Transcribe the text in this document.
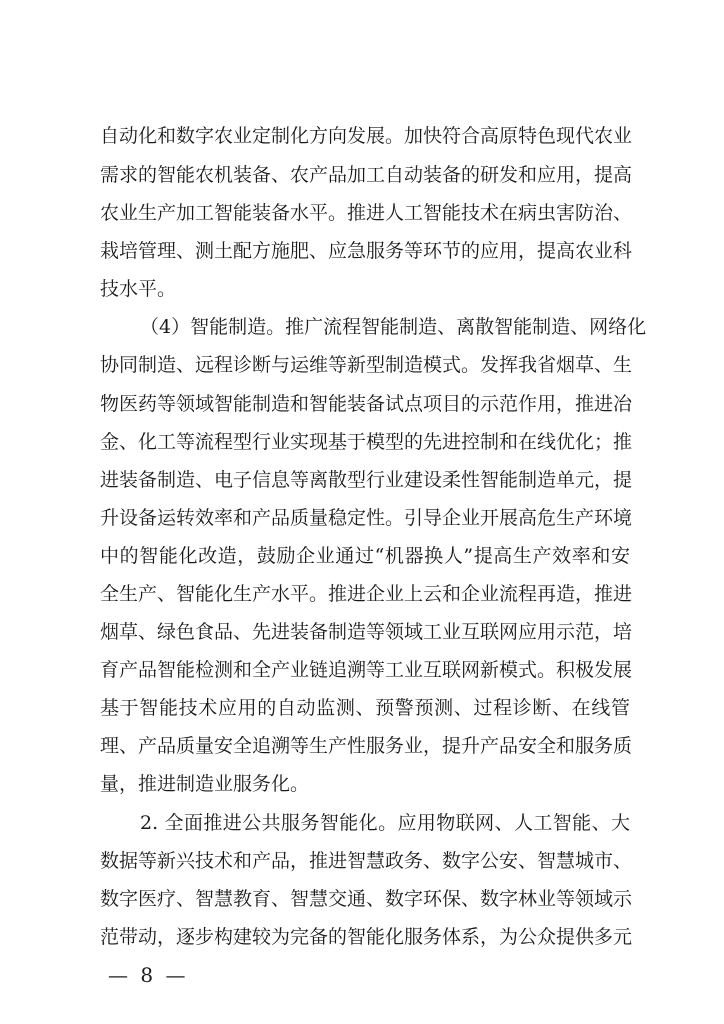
自动化和数字农业定制化方向发展。加快符合高原特色现代农业
需求的智能农机装备、农产品加工自动装备的研发和应用，提高
农业生产加工智能装备水平。推进人工智能技术在病虫害防治、
栽培管理、测土配方施肥、应急服务等环节的应用，提高农业科
技水平。
（4）智能制造。推广流程智能制造、离散智能制造、网络化
协同制造、远程诊断与运维等新型制造模式。发挥我省烟草、生
物医药等领域智能制造和智能装备试点项目的示范作用，推进冶
金、化工等流程型行业实现基于模型的先进控制和在线优化；推
进装备制造、电子信息等离散型行业建设柔性智能制造单元，提
升设备运转效率和产品质量稳定性。引导企业开展高危生产环境
中的智能化改造，鼓励企业通过“机器换人”提高生产效率和安
全生产、智能化生产水平。推进企业上云和企业流程再造，推进
烟草、绿色食品、先进装备制造等领域工业互联网应用示范，培
育产品智能检测和全产业链追溯等工业互联网新模式。积极发展
基于智能技术应用的自动监测、预警预测、过程诊断、在线管
理、产品质量安全追溯等生产性服务业，提升产品安全和服务质
量，推进制造业服务化。
2. 全面推进公共服务智能化。应用物联网、人工智能、大
数据等新兴技术和产品，推进智慧政务、数字公安、智慧城市、
数字医疗、智慧教育、智慧交通、数字环保、数字林业等领域示
范带动，逐步构建较为完备的智能化服务体系，为公众提供多元
— 8 —
